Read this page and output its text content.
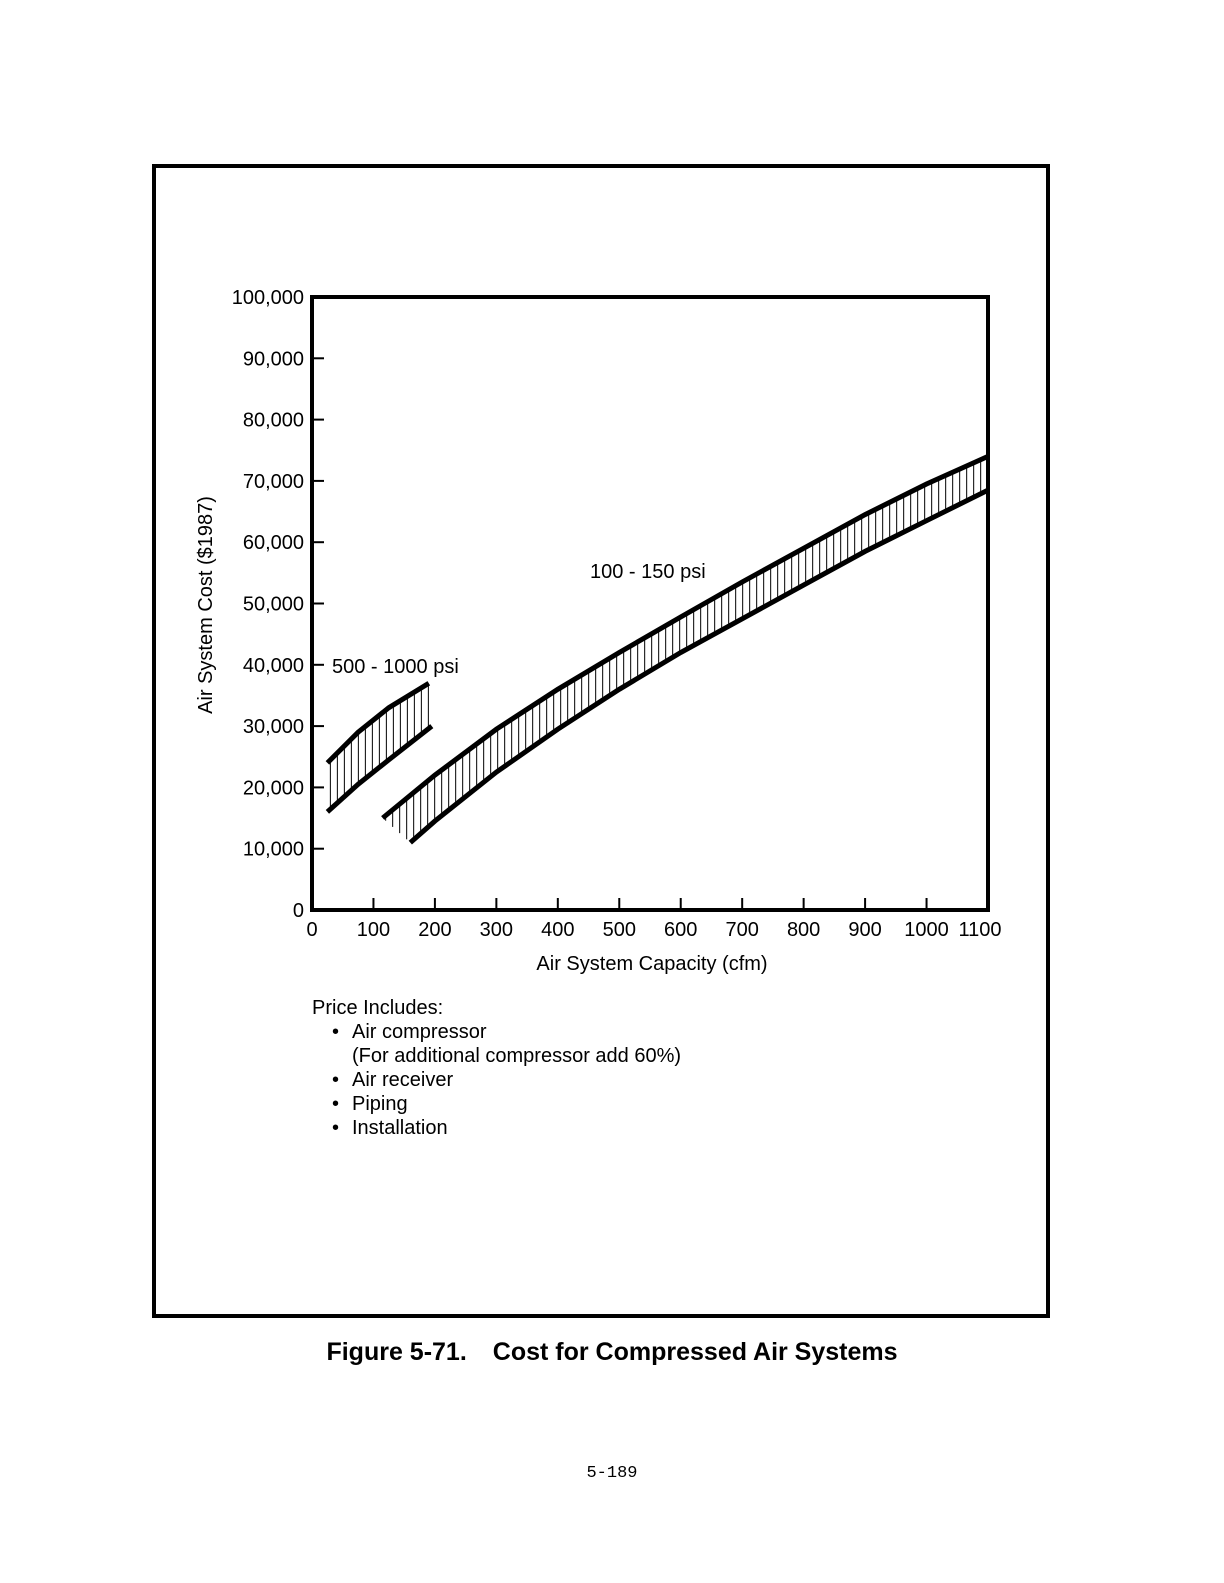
0
10,000
20,000
30,000
40,000
50,000
60,000
70,000
80,000
90,000
100,000
0 100 200 300 400 500 600 700 800 900 1000 1100
Air System Capacity (cfm)
Air System Cost ($1987)	500 - 1000 psi
100 - 150 psi
Price Includes:
• Air compressor
(For additional compressor add 60%)
• Air receiver
• Piping
• Installation
Figure 5-71. Cost for Compressed Air Systems
5-189
